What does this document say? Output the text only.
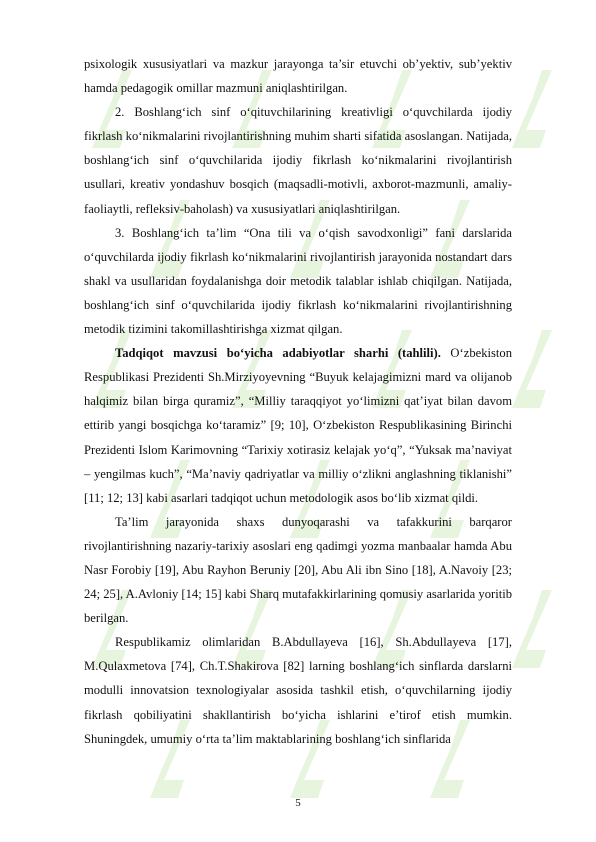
psixologik xususiyatlari va mazkur jarayonga ta’sir etuvchi ob’yektiv, sub’yektiv hamda pedagogik omillar mazmuni aniqlashtirilgan.

2. Boshlang‘ich sinf o‘qituvchilarining kreativligi o‘quvchilarda ijodiy fikrlash ko‘nikmalarini rivojlantirishning muhim sharti sifatida asoslangan. Natijada, boshlang‘ich sinf o‘quvchilarida ijodiy fikrlash ko‘nikmalarini rivojlantirish usullari, kreativ yondashuv bosqich (maqsadli-motivli, axborot-mazmunli, amaliy-faoliaytli, refleksiv-baholash) va xususiyatlari aniqlashtirilgan.

3. Boshlang‘ich ta’lim “Ona tili va o‘qish savodxonligi” fani darslarida o‘quvchilarda ijodiy fikrlash ko‘nikmalarini rivojlantirish jarayonida nostandart dars shakl va usullaridan foydalanishga doir metodik talablar ishlab chiqilgan. Natijada, boshlang‘ich sinf o‘quvchilarida ijodiy fikrlash ko‘nikmalarini rivojlantirishning metodik tizimini takomillashtirishga xizmat qilgan.

Tadqiqot mavzusi bo‘yicha adabiyotlar sharhi (tahlili). O‘zbekiston Respublikasi Prezidenti Sh.Mirziyoyevning “Buyuk kelajagimizni mard va olijanob halqimiz bilan birga quramiz”, “Milliy taraqqiyot yo‘limizni qat’iyat bilan davom ettirib yangi bosqichga ko‘taramiz” [9; 10], O‘zbekiston Respublikasining Birinchi Prezidenti Islom Karimovning “Tarixiy xotirasiz kelajak yo‘q”, “Yuksak ma’naviyat – yengilmas kuch”, “Ma’naviy qadriyatlar va milliy o‘zlikni anglashning tiklanishi” [11; 12; 13] kabi asarlari tadqiqot uchun metodologik asos bo‘lib xizmat qildi.

Ta’lim jarayonida shaxs dunyoqarashi va tafakkurini barqaror rivojlantirishning nazariy-tarixiy asoslari eng qadimgi yozma manbaalar hamda Abu Nasr Forobiy [19], Abu Rayhon Beruniy [20], Abu Ali ibn Sino [18], A.Navoiy [23; 24; 25], A.Avloniy [14; 15] kabi Sharq mutafakkirlarining qomusiy asarlarida yoritib berilgan.

Respublikamiz olimlaridan B.Abdullayeva [16], Sh.Abdullayeva [17], M.Qulaxmetova [74], Ch.T.Shakirova [82] larning boshlang‘ich sinflarda darslarni modulli innovatsion texnologiyalar asosida tashkil etish, o‘quvchilarning ijodiy fikrlash qobiliyatini shakllantirish bo‘yicha ishlarini e’tirof etish mumkin. Shuningdek, umumiy o‘rta ta’lim maktablarining boshlang‘ich sinflarida

5
